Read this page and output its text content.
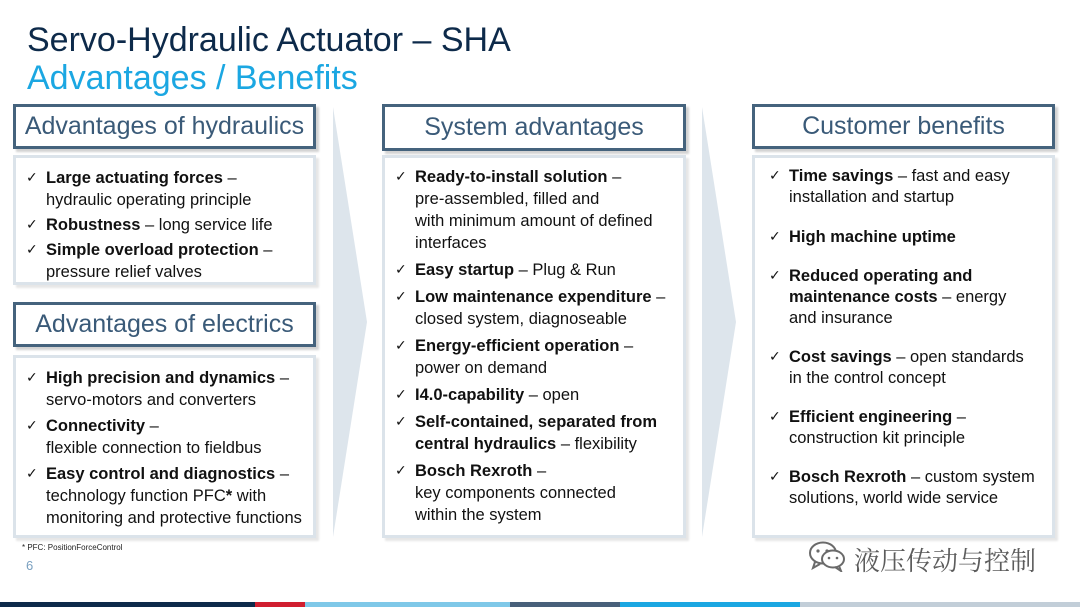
Servo-Hydraulic Actuator – SHA
Advantages / Benefits
Advantages of hydraulics
✓ Large actuating forces –
hydraulic operating principle
✓ Robustness – long service life
✓ Simple overload protection –
pressure relief valves
Advantages of electrics
✓ High precision and dynamics –
servo-motors and converters
✓ Connectivity –
flexible connection to fieldbus
✓ Easy control and diagnostics –
technology function PFC* with
monitoring and protective functions
System advantages
✓ Ready-to-install solution –
pre-assembled, filled and
with minimum amount of defined
interfaces
✓ Easy startup – Plug & Run
✓ Low maintenance expenditure –
closed system, diagnoseable
✓ Energy-efficient operation –
power on demand
✓ I4.0-capability – open
✓ Self-contained, separated from
central hydraulics – flexibility
✓ Bosch Rexroth –
key components connected
within the system
Customer benefits
✓ Time savings – fast and easy
installation and startup
✓ High machine uptime
✓ Reduced operating and
maintenance costs – energy
and insurance
✓ Cost savings – open standards
in the control concept
✓ Efficient engineering –
construction kit principle
✓ Bosch Rexroth – custom system
solutions, world wide service
* PFC: PositionForceControl
6	液压传动与控制
